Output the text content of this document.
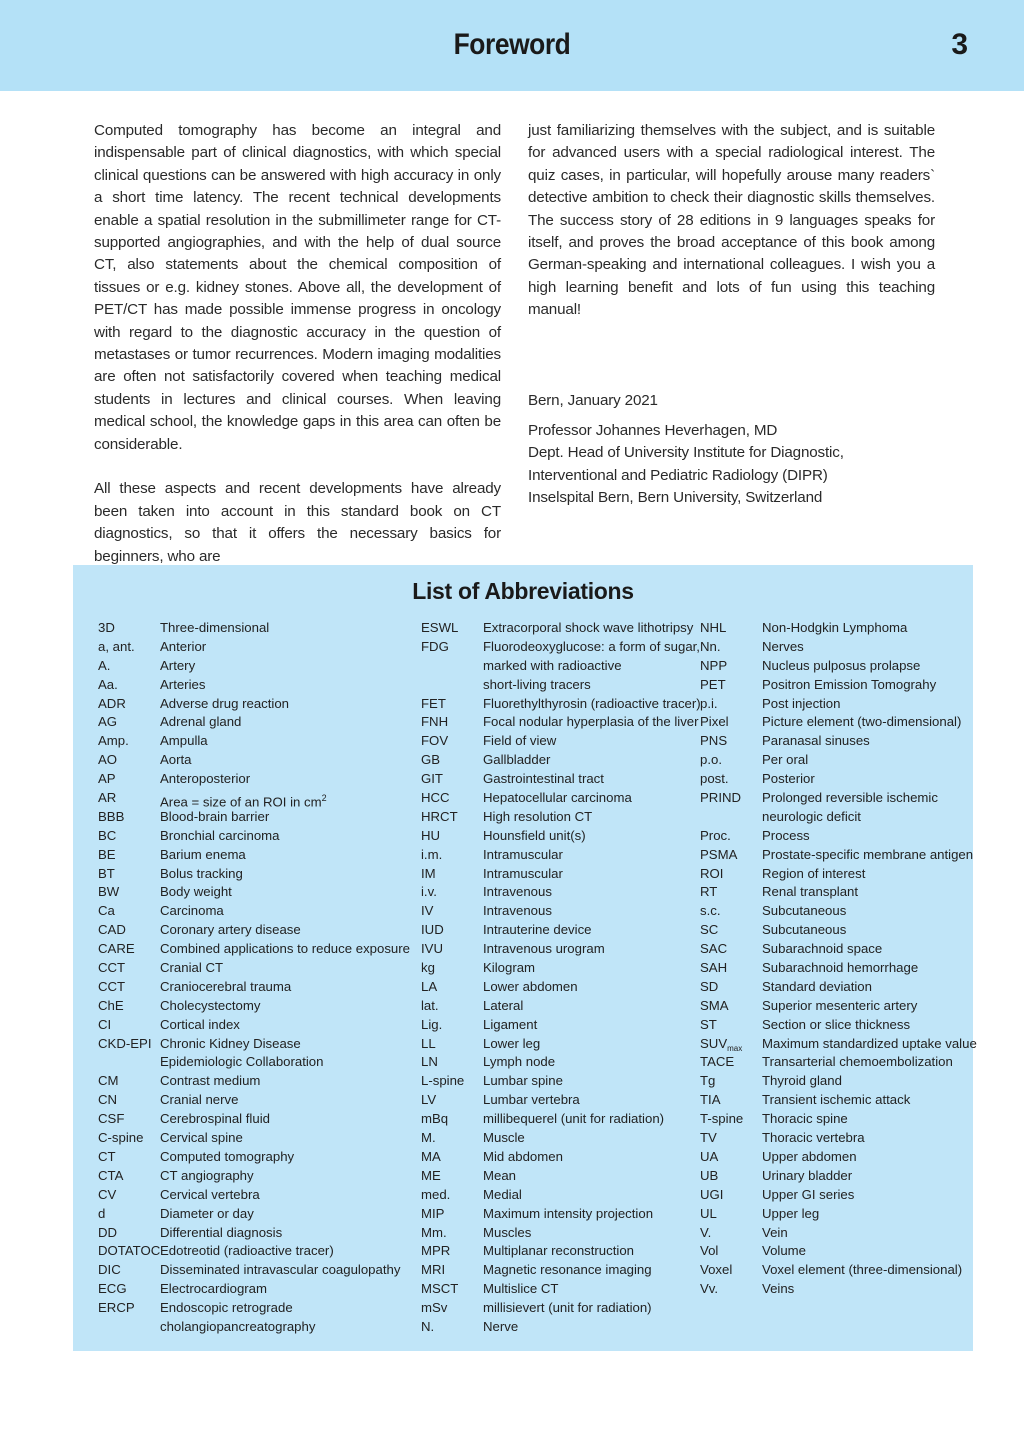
Foreword	3

Computed tomography has become an integral and indispensable part of clinical diagnostics, with which special clinical questions can be answered with high accuracy in only a short time latency. The recent technical developments enable a spatial resolution in the submillimeter range for CT-supported angiographies, and with the help of dual source CT, also statements about the chemical composition of tissues or e.g. kidney stones. Above all, the development of PET/CT has made possible immense progress in oncology with regard to the diagnostic accuracy in the question of metastases or tumor recurrences. Modern imaging modalities are often not satisfactorily covered when teaching medical students in lectures and clinical courses. When leaving medical school, the knowledge gaps in this area can often be considerable.

All these aspects and recent developments have already been taken into account in this standard book on CT diagnostics, so that it offers the necessary basics for beginners, who are

just familiarizing themselves with the subject, and is suitable for advanced users with a special radiological interest. The quiz cases, in particular, will hopefully arouse many readers` detective ambition to check their diagnostic skills themselves. The success story of 28 editions in 9 languages speaks for itself, and proves the broad acceptance of this book among German-speaking and international colleagues. I wish you a high learning benefit and lots of fun using this teaching manual!

Bern, January 2021
Professor Johannes Heverhagen, MD
Dept. Head of University Institute for Diagnostic,
Interventional and Pediatric Radiology (DIPR)
Inselspital Bern, Bern University, Switzerland
List of Abbreviations
3D	Three-dimensional
a, ant. Anterior
A.	Artery
Aa.	Arteries
ADR	Adverse drug reaction
AG	Adrenal gland
Amp. Ampulla
AO	Aorta
AP	Anteroposterior
AR	Area = size of an ROI in $cm^2$
BBB	Blood-brain barrier
BC	Bronchial carcinoma
BE	Barium enema
BT	Bolus tracking
BW	Body weight
Ca	Carcinoma
CAD	Coronary artery disease
CARE Combined applications to reduce exposure
CCT	Cranial CT
CCT	Craniocerebral trauma
ChE	Cholecystectomy
CI	Cortical index
CKD-EPI Chronic Kidney Disease
Epidemiologic Collaboration
CM	Contrast medium
CN	Cranial nerve
CSF	Cerebrospinal fluid
C-spine Cervical spine
CT	Computed tomography
CTA	CT angiography
CV	Cervical vertebra
d	Diameter or day
DD	Differential diagnosis
DOTATOC Edotreotid (radioactive tracer)
DIC	Disseminated intravascular coagulopathy
ECG	Electrocardiogram
ERCP Endoscopic retrograde
cholangiopancreatography
ESWL Extracorporal shock wave lithotripsy
FDG	Fluorodeoxyglucose: a form of sugar,
marked with radioactive
short-living tracers
FET	Fluorethylthyrosin (radioactive tracer)
FNH	Focal nodular hyperplasia of the liver
FOV	Field of view
GB	Gallbladder
GIT	Gastrointestinal tract
HCC	Hepatocellular carcinoma
HRCT High resolution CT
HU	Hounsfield unit(s)
i.m.	Intramuscular
IM	Intramuscular
i.v.	Intravenous
IV	Intravenous
IUD	Intrauterine device
IVU	Intravenous urogram
kg	Kilogram
LA	Lower abdomen
lat.	Lateral
Lig.	Ligament
LL	Lower leg
LN	Lymph node
L-spine Lumbar spine
LV	Lumbar vertebra
mBq	millibequerel (unit for radiation)
M.	Muscle
MA	Mid abdomen
ME	Mean
med. Medial
MIP	Maximum intensity projection
Mm.	Muscles
MPR Multiplanar reconstruction
MRI	Magnetic resonance imaging
MSCT Multislice CT
mSv	millisievert (unit for radiation)
N.	Nerve
NHL	Non-Hodgkin Lymphoma
Nn.	Nerves
NPP	Nucleus pulposus prolapse
PET	Positron Emission Tomograhy
p.i.	Post injection
Pixel	Picture element (two-dimensional)
PNS	Paranasal sinuses
p.o.	Per oral
post.	Posterior
PRIND Prolonged reversible ischemic
neurologic deficit
Proc. Process
PSMA Prostate-specific membrane antigen
ROI	Region of interest
RT	Renal transplant
s.c.	Subcutaneous
SC	Subcutaneous
SAC	Subarachnoid space
SAH	Subarachnoid hemorrhage
SD	Standard deviation
SMA	Superior mesenteric artery
ST	Section or slice thickness
$SUV_{max}$ Maximum standardized uptake value
TACE Transarterial chemoembolization
Tg	Thyroid gland
TIA	Transient ischemic attack
T-spine Thoracic spine
TV	Thoracic vertebra
UA	Upper abdomen
UB	Urinary bladder
UGI	Upper GI series
UL	Upper leg
V.	Vein
Vol	Volume
Voxel Voxel element (three-dimensional)
Vv.	Veins
